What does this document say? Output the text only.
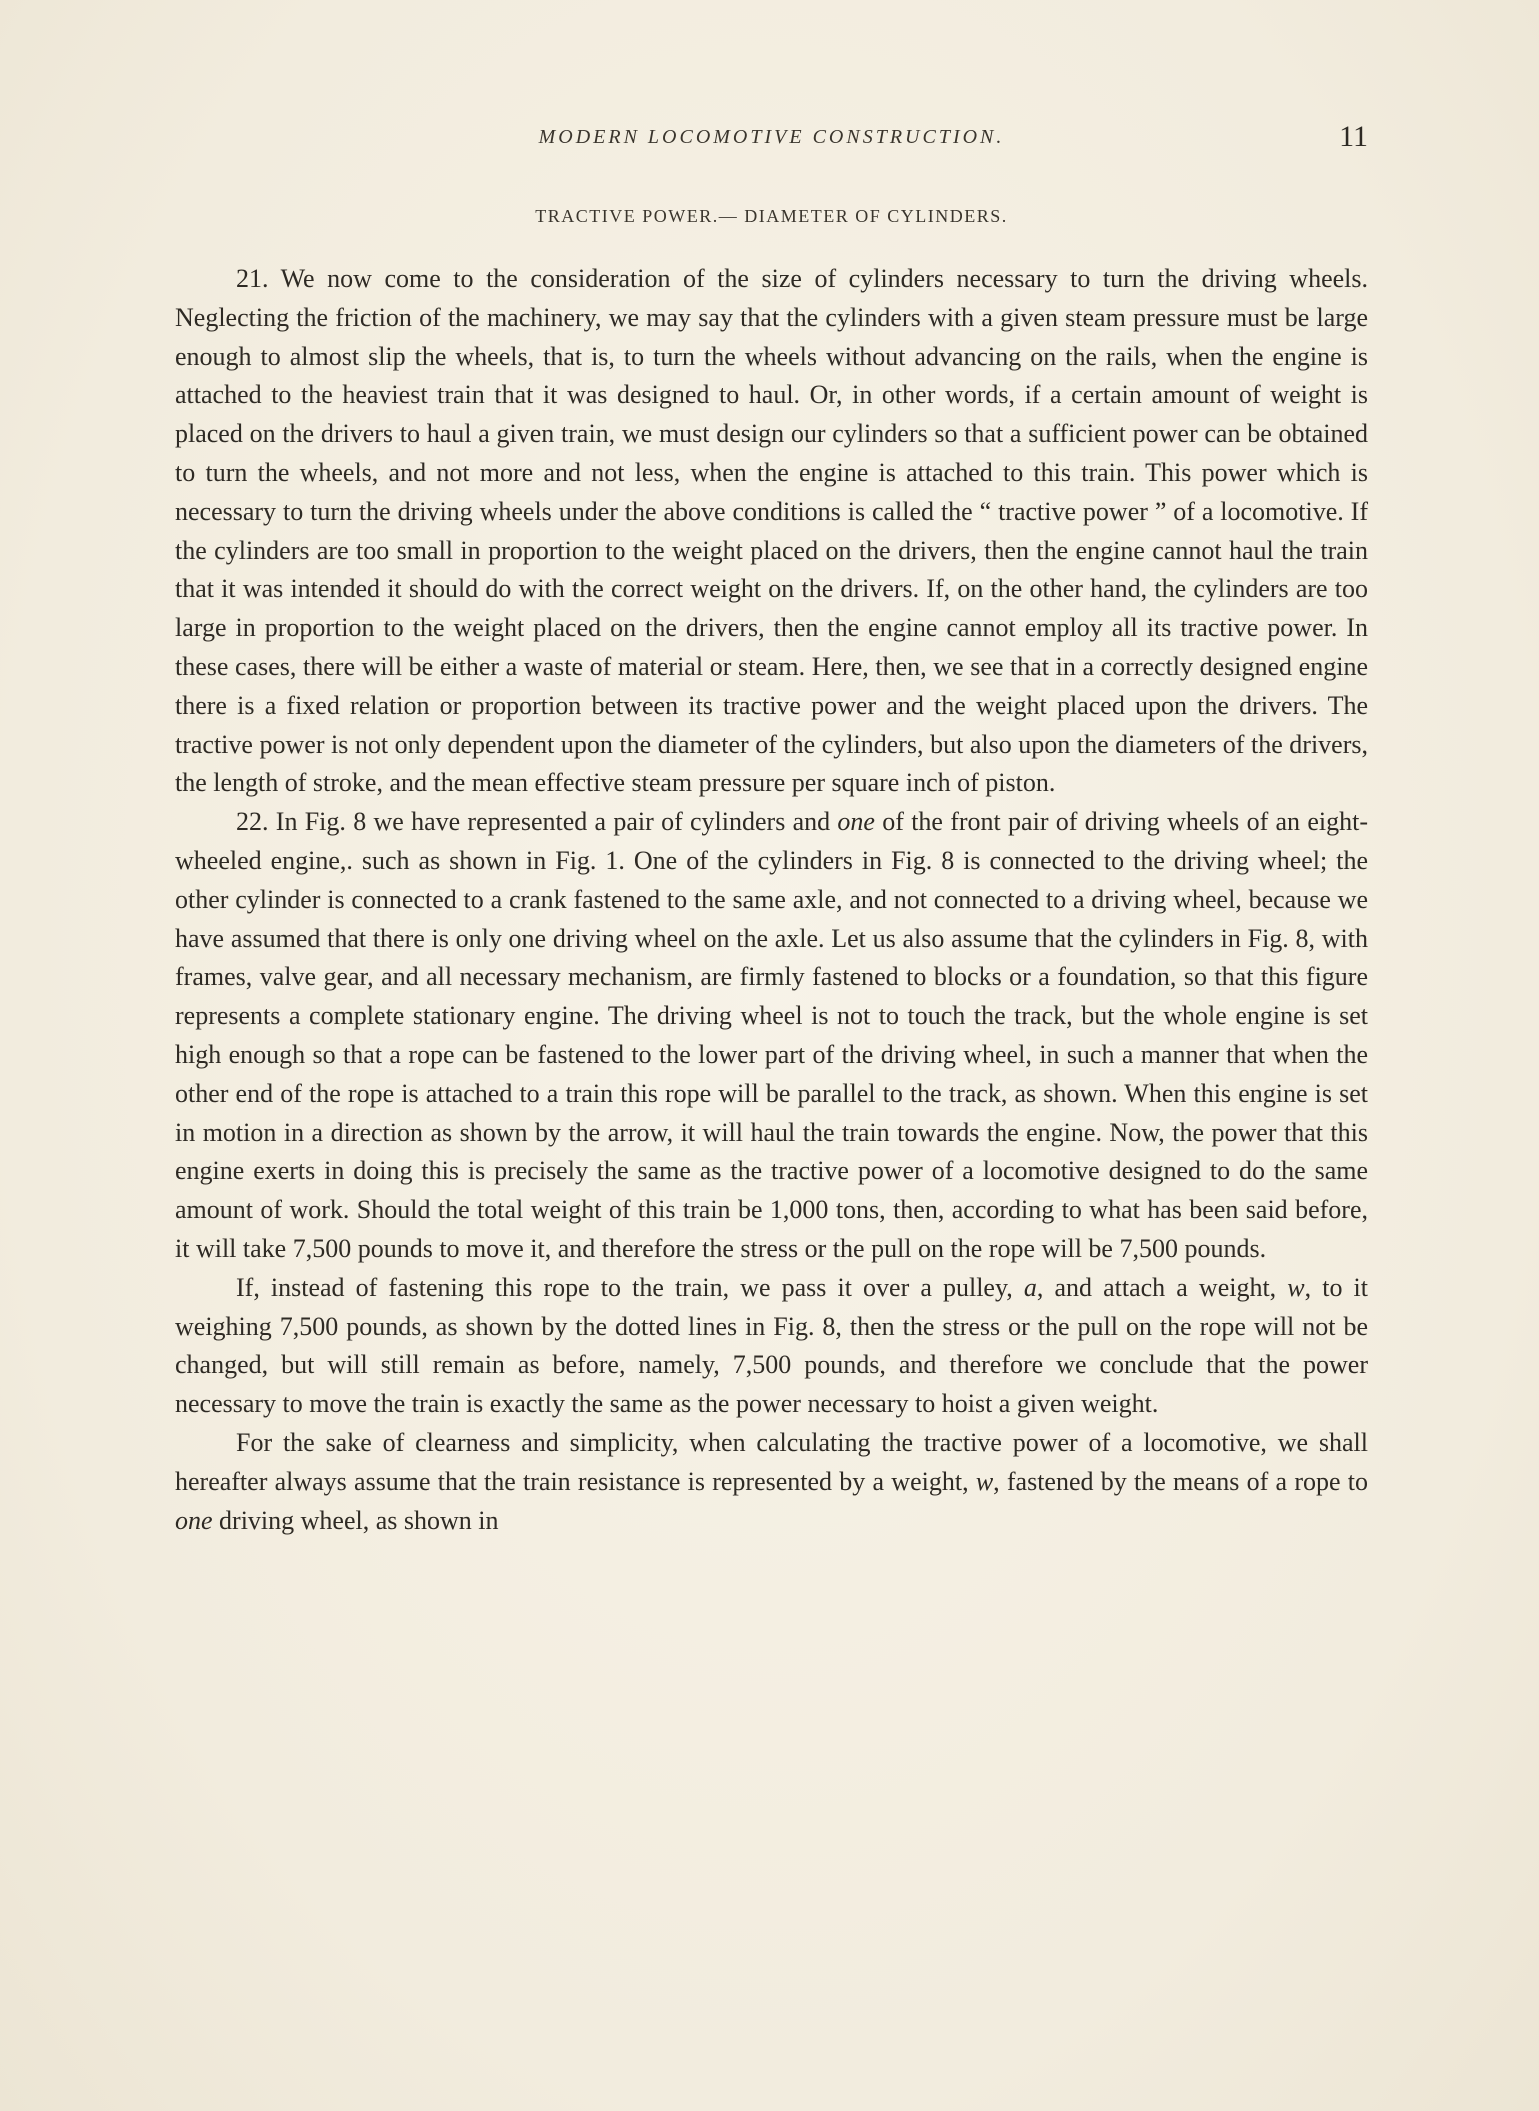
MODERN LOCOMOTIVE CONSTRUCTION.	11
TRACTIVE POWER.— DIAMETER OF CYLINDERS.

21. We now come to the consideration of the size of cylinders necessary to turn the driving wheels. Neglecting the friction of the machinery, we may say that the cylinders with a given steam pressure must be large enough to almost slip the wheels, that is, to turn the wheels without advancing on the rails, when the engine is attached to the heaviest train that it was designed to haul. Or, in other words, if a certain amount of weight is placed on the drivers to haul a given train, we must design our cylinders so that a sufficient power can be obtained to turn the wheels, and not more and not less, when the engine is attached to this train. This power which is necessary to turn the driving wheels under the above conditions is called the “ tractive power ” of a locomotive. If the cylinders are too small in proportion to the weight placed on the drivers, then the engine cannot haul the train that it was intended it should do with the correct weight on the drivers. If, on the other hand, the cylinders are too large in proportion to the weight placed on the drivers, then the engine cannot employ all its tractive power. In these cases, there will be either a waste of material or steam. Here, then, we see that in a correctly designed engine there is a fixed relation or proportion between its tractive power and the weight placed upon the drivers. The tractive power is not only dependent upon the diameter of the cylinders, but also upon the diameters of the drivers, the length of stroke, and the mean effective steam pressure per square inch of piston.

22. In Fig. 8 we have represented a pair of cylinders and one of the front pair of driving wheels of an eight-wheeled engine,. such as shown in Fig. 1. One of the cylinders in Fig. 8 is connected to the driving wheel; the other cylinder is connected to a crank fastened to the same axle, and not connected to a driving wheel, because we have assumed that there is only one driving wheel on the axle. Let us also assume that the cylinders in Fig. 8, with frames, valve gear, and all necessary mechanism, are firmly fastened to blocks or a foundation, so that this figure represents a complete stationary engine. The driving wheel is not to touch the track, but the whole engine is set high enough so that a rope can be fastened to the lower part of the driving wheel, in such a manner that when the other end of the rope is attached to a train this rope will be parallel to the track, as shown. When this engine is set in motion in a direction as shown by the arrow, it will haul the train towards the engine. Now, the power that this engine exerts in doing this is precisely the same as the tractive power of a locomotive designed to do the same amount of work. Should the total weight of this train be 1,000 tons, then, according to what has been said before, it will take 7,500 pounds to move it, and therefore the stress or the pull on the rope will be 7,500 pounds.

If, instead of fastening this rope to the train, we pass it over a pulley, a, and attach a weight, w, to it weighing 7,500 pounds, as shown by the dotted lines in Fig. 8, then the stress or the pull on the rope will not be changed, but will still remain as before, namely, 7,500 pounds, and therefore we conclude that the power necessary to move the train is exactly the same as the power necessary to hoist a given weight.

For the sake of clearness and simplicity, when calculating the tractive power of a locomotive, we shall hereafter always assume that the train resistance is represented by a weight, w, fastened by the means of a rope to one driving wheel, as shown in
